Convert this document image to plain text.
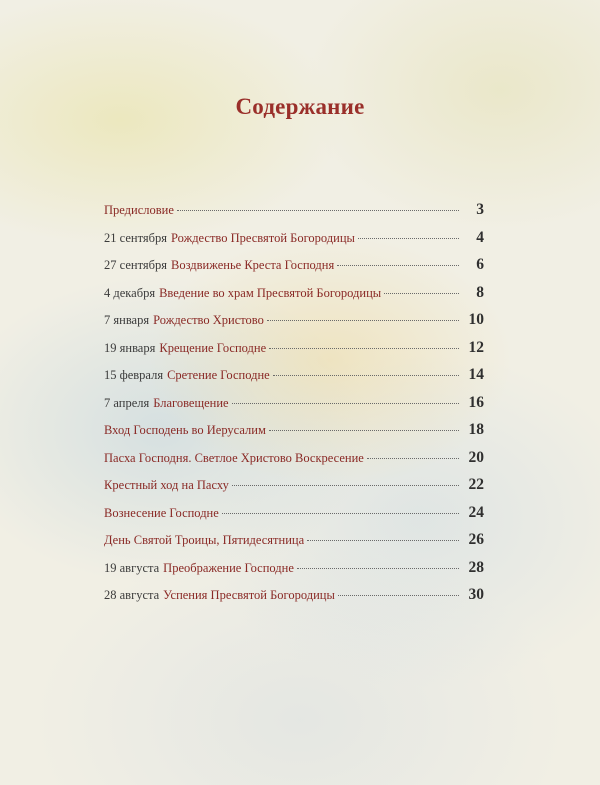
Содержание
Предисловие	3
21 сентября Рождество Пресвятой Богородицы	4
27 сентября Воздвиженье Креста Господня	6
4 декабря Введение во храм Пресвятой Богородицы	8
7 января Рождество Христово	10
19 января Крещение Господне	12
15 февраля Сретение Господне	14
7 апреля Благовещение	16
Вход Господень во Иерусалим	18
Пасха Господня. Светлое Христово Воскресение	20
Крестный ход на Пасху	22
Вознесение Господне	24
День Святой Троицы, Пятидесятница	26
19 августа Преображение Господне	28
28 августа Успения Пресвятой Богородицы	30
